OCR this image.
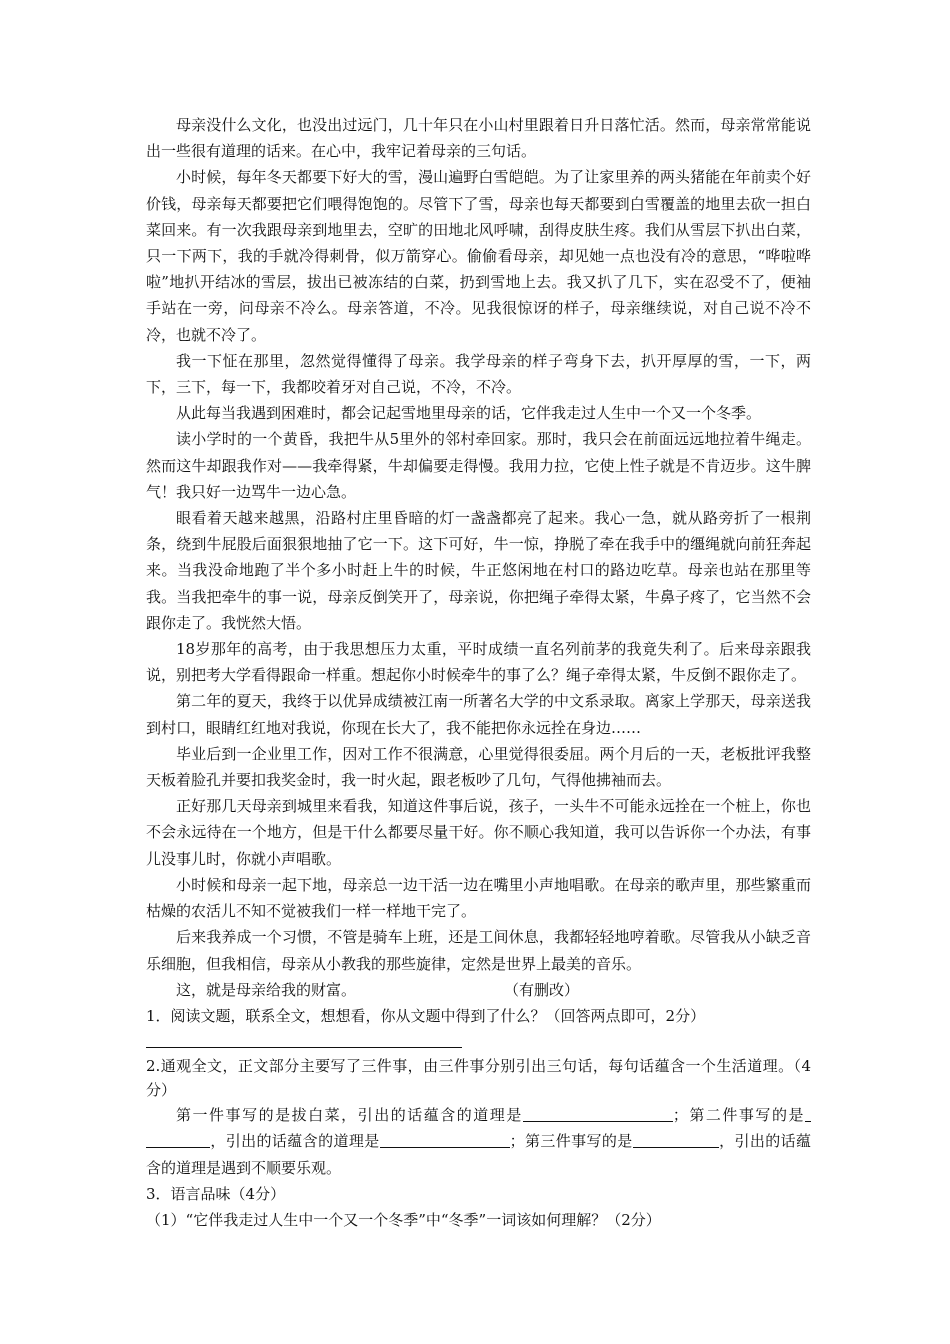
母亲没什么文化，也没出过远门，几十年只在小山村里跟着日升日落忙活。然而，母亲常常能说出一些很有道理的话来。在心中，我牢记着母亲的三句话。

小时候，每年冬天都要下好大的雪，漫山遍野白雪皑皑。为了让家里养的两头猪能在年前卖个好价钱，母亲每天都要把它们喂得饱饱的。尽管下了雪，母亲也每天都要到白雪覆盖的地里去砍一担白菜回来。有一次我跟母亲到地里去，空旷的田地北风呼啸，刮得皮肤生疼。我们从雪层下扒出白菜，只一下两下，我的手就冷得刺骨，似万箭穿心。偷偷看母亲，却见她一点也没有冷的意思，“哗啦哗啦”地扒开结冰的雪层，拔出已被冻结的白菜，扔到雪地上去。我又扒了几下，实在忍受不了，便袖手站在一旁，问母亲不冷么。母亲答道，不冷。见我很惊讶的样子，母亲继续说，对自己说不冷不冷，也就不冷了。

我一下怔在那里，忽然觉得懂得了母亲。我学母亲的样子弯身下去，扒开厚厚的雪，一下，两下，三下，每一下，我都咬着牙对自己说，不冷，不冷。

从此每当我遇到困难时，都会记起雪地里母亲的话，它伴我走过人生中一个又一个冬季。

读小学时的一个黄昏，我把牛从5里外的邻村牵回家。那时，我只会在前面远远地拉着牛绳走。然而这牛却跟我作对——我牵得紧，牛却偏要走得慢。我用力拉，它使上性子就是不肯迈步。这牛脾气！我只好一边骂牛一边心急。

眼看着天越来越黑，沿路村庄里昏暗的灯一盏盏都亮了起来。我心一急，就从路旁折了一根荆条，绕到牛屁股后面狠狠地抽了它一下。这下可好，牛一惊，挣脱了牵在我手中的缰绳就向前狂奔起来。当我没命地跑了半个多小时赶上牛的时候，牛正悠闲地在村口的路边吃草。母亲也站在那里等我。当我把牵牛的事一说，母亲反倒笑开了，母亲说，你把绳子牵得太紧，牛鼻子疼了，它当然不会跟你走了。我恍然大悟。

18岁那年的高考，由于我思想压力太重，平时成绩一直名列前茅的我竟失利了。后来母亲跟我说，别把考大学看得跟命一样重。想起你小时候牵牛的事了么？绳子牵得太紧，牛反倒不跟你走了。

第二年的夏天，我终于以优异成绩被江南一所著名大学的中文系录取。离家上学那天，母亲送我到村口，眼睛红红地对我说，你现在长大了，我不能把你永远拴在身边……

毕业后到一企业里工作，因对工作不很满意，心里觉得很委屈。两个月后的一天，老板批评我整天板着脸孔并要扣我奖金时，我一时火起，跟老板吵了几句，气得他拂袖而去。

正好那几天母亲到城里来看我，知道这件事后说，孩子，一头牛不可能永远拴在一个桩上，你也不会永远待在一个地方，但是干什么都要尽量干好。你不顺心我知道，我可以告诉你一个办法，有事儿没事儿时，你就小声唱歌。

小时候和母亲一起下地，母亲总一边干活一边在嘴里小声地唱歌。在母亲的歌声里，那些繁重而枯燥的农活儿不知不觉被我们一样一样地干完了。

后来我养成一个习惯，不管是骑车上班，还是工间休息，我都轻轻地哼着歌。尽管我从小缺乏音乐细胞，但我相信，母亲从小教我的那些旋律，定然是世界上最美的音乐。

这，就是母亲给我的财富。	（有删改）

1．阅读文题，联系全文，想想看，你从文题中得到了什么？（回答两点即可，2分）

2.通观全文，正文部分主要写了三件事，由三件事分别引出三句话，每句话蕴含一个生活道理。（4分）

第一件事写的是拔白菜，引出的话蕴含的道理是	；第二件事写的是，引出的话蕴含的道理是	；第三件事写的是	，引出的话蕴含的道理是遇到不顺要乐观。

3．语言品味（4分）

（1）“它伴我走过人生中一个又一个冬季”中“冬季”一词该如何理解？（2分）
